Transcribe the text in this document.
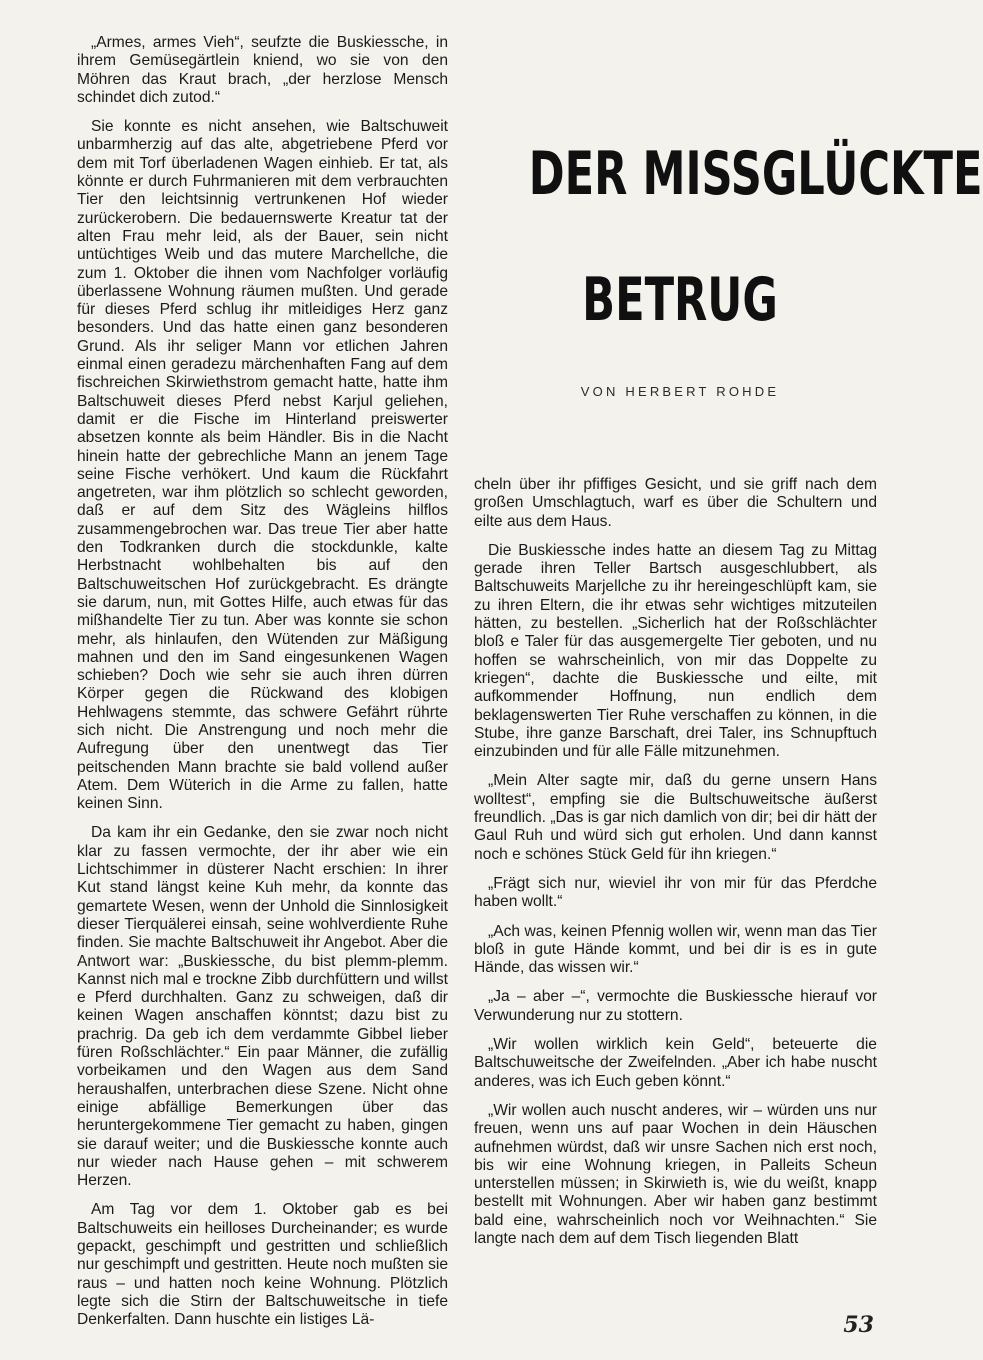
„Armes, armes Vieh“, seufzte die Buskiessche, in ihrem Gemüsegärtlein kniend, wo sie von den Möhren das Kraut brach, „der herzlose Mensch schindet dich zutod.“

Sie konnte es nicht ansehen, wie Baltschuweit unbarmherzig auf das alte, abgetriebene Pferd vor dem mit Torf überladenen Wagen einhieb. Er tat, als könnte er durch Fuhrmanieren mit dem verbrauchten Tier den leichtsinnig vertrunkenen Hof wieder zurückerobern. Die bedauernswerte Kreatur tat der alten Frau mehr leid, als der Bauer, sein nicht untüchtiges Weib und das mutere Marchellche, die zum 1. Oktober die ihnen vom Nachfolger vorläufig überlassene Wohnung räumen mußten. Und gerade für dieses Pferd schlug ihr mitleidiges Herz ganz besonders. Und das hatte einen ganz besonderen Grund. Als ihr seliger Mann vor etlichen Jahren einmal einen geradezu märchenhaften Fang auf dem fischreichen Skirwiethstrom gemacht hatte, hatte ihm Baltschuweit dieses Pferd nebst Karjul geliehen, damit er die Fische im Hinterland preiswerter absetzen konnte als beim Händler. Bis in die Nacht hinein hatte der gebrechliche Mann an jenem Tage seine Fische verhökert. Und kaum die Rückfahrt angetreten, war ihm plötzlich so schlecht geworden, daß er auf dem Sitz des Wägleins hilflos zusammengebrochen war. Das treue Tier aber hatte den Todkranken durch die stockdunkle, kalte Herbstnacht wohlbehalten bis auf den Baltschuweitschen Hof zurückgebracht. Es drängte sie darum, nun, mit Gottes Hilfe, auch etwas für das mißhandelte Tier zu tun. Aber was konnte sie schon mehr, als hinlaufen, den Wütenden zur Mäßigung mahnen und den im Sand eingesunkenen Wagen schieben? Doch wie sehr sie auch ihren dürren Körper gegen die Rückwand des klobigen Hehlwagens stemmte, das schwere Gefährt rührte sich nicht. Die Anstrengung und noch mehr die Aufregung über den unentwegt das Tier peitschenden Mann brachte sie bald vollend außer Atem. Dem Wüterich in die Arme zu fallen, hatte keinen Sinn.

Da kam ihr ein Gedanke, den sie zwar noch nicht klar zu fassen vermochte, der ihr aber wie ein Lichtschimmer in düsterer Nacht erschien: In ihrer Kut stand längst keine Kuh mehr, da konnte das gemartete Wesen, wenn der Unhold die Sinnlosigkeit dieser Tierquälerei einsah, seine wohlverdiente Ruhe finden. Sie machte Baltschuweit ihr Angebot. Aber die Antwort war: „Buskiessche, du bist plemm-plemm. Kannst nich mal e trockne Zibb durchfüttern und willst e Pferd durchhalten. Ganz zu schweigen, daß dir keinen Wagen anschaffen könntst; dazu bist zu prachrig. Da geb ich dem verdammte Gibbel lieber füren Roßschlächter.“ Ein paar Männer, die zufällig vorbeikamen und den Wagen aus dem Sand heraushalfen, unterbrachen diese Szene. Nicht ohne einige abfällige Bemerkungen über das heruntergekommene Tier gemacht zu haben, gingen sie darauf weiter; und die Buskiessche konnte auch nur wieder nach Hause gehen – mit schwerem Herzen.

Am Tag vor dem 1. Oktober gab es bei Baltschuweits ein heilloses Durcheinander; es wurde gepackt, geschimpft und gestritten und schließlich nur geschimpft und gestritten. Heute noch mußten sie raus – und hatten noch keine Wohnung. Plötzlich legte sich die Stirn der Baltschuweitsche in tiefe Denkerfalten. Dann huschte ein listiges Lä-

DER MISSGLÜCKTE
BETRUG
VON HERBERT ROHDE

cheln über ihr pfiffiges Gesicht, und sie griff nach dem großen Umschlagtuch, warf es über die Schultern und eilte aus dem Haus.

Die Buskiessche indes hatte an diesem Tag zu Mittag gerade ihren Teller Bartsch ausgeschlubbert, als Baltschuweits Marjellche zu ihr hereingeschlüpft kam, sie zu ihren Eltern, die ihr etwas sehr wichtiges mitzuteilen hätten, zu bestellen. „Sicherlich hat der Roßschlächter bloß e Taler für das ausgemergelte Tier geboten, und nu hoffen se wahrscheinlich, von mir das Doppelte zu kriegen“, dachte die Buskiessche und eilte, mit aufkommender Hoffnung, nun endlich dem beklagenswerten Tier Ruhe verschaffen zu können, in die Stube, ihre ganze Barschaft, drei Taler, ins Schnupftuch einzubinden und für alle Fälle mitzunehmen.

„Mein Alter sagte mir, daß du gerne unsern Hans wolltest“, empfing sie die Bultschuweitsche äußerst freundlich. „Das is gar nich damlich von dir; bei dir hätt der Gaul Ruh und würd sich gut erholen. Und dann kannst noch e schönes Stück Geld für ihn kriegen.“

„Frägt sich nur, wieviel ihr von mir für das Pferdche haben wollt.“

„Ach was, keinen Pfennig wollen wir, wenn man das Tier bloß in gute Hände kommt, und bei dir is es in gute Hände, das wissen wir.“

„Ja – aber –“, vermochte die Buskiessche hierauf vor Verwunderung nur zu stottern.

„Wir wollen wirklich kein Geld“, beteuerte die Baltschuweitsche der Zweifelnden. „Aber ich habe nuscht anderes, was ich Euch geben könnt.“

„Wir wollen auch nuscht anderes, wir – würden uns nur freuen, wenn uns auf paar Wochen in dein Häuschen aufnehmen würdst, daß wir unsre Sachen nich erst noch, bis wir eine Wohnung kriegen, in Palleits Scheun unterstellen müssen; in Skirwieth is, wie du weißt, knapp bestellt mit Wohnungen. Aber wir haben ganz bestimmt bald eine, wahrscheinlich noch vor Weihnachten.“ Sie langte nach dem auf dem Tisch liegenden Blatt

53
